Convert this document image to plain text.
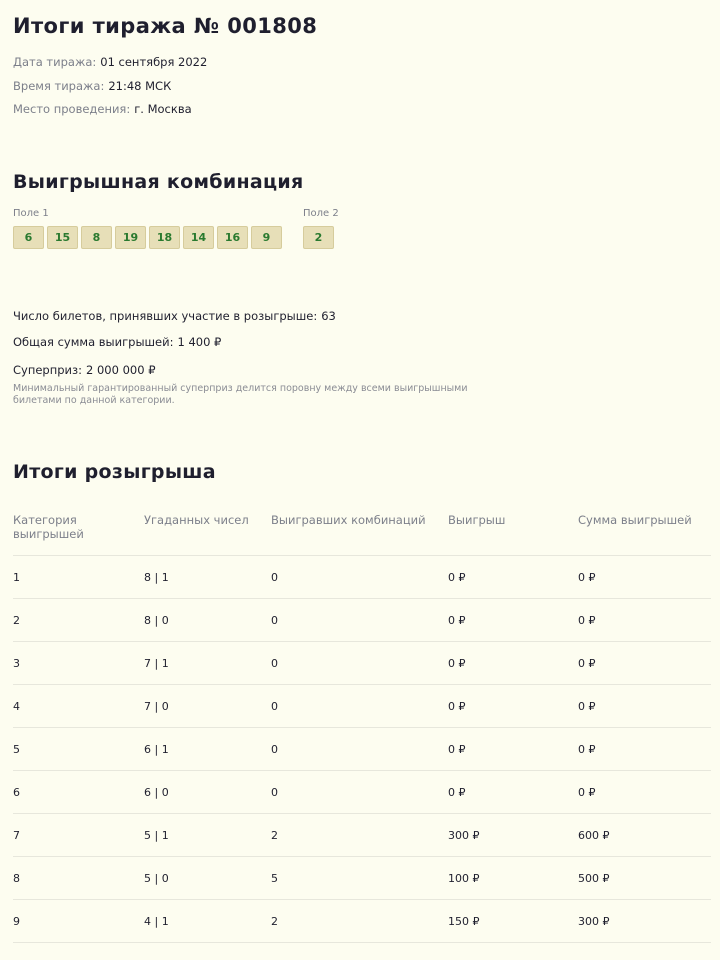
Итоги тиража № 001808
Дата тиража: 01 сентября 2022
Время тиража: 21:48 МСК
Место проведения: г. Москва
Выигрышная комбинация
Поле 1
6	15	8	19	18	14	16	9
Поле 2
2
Число билетов, принявших участие в розыгрыше: 63
Общая сумма выигрышей: 1 400 ₽
Суперприз: 2 000 000 ₽
Минимальный гарантированный суперприз делится поровну между всеми выигрышными билетами по данной категории.
Итоги розыгрыша
Категория выигрышей
Угаданных чисел	Выигравших комбинаций	Выигрыш	Сумма выигрышей
1	8 | 1	0	0 ₽	0 ₽
2	8 | 0	0	0 ₽	0 ₽
3	7 | 1	0	0 ₽	0 ₽
4	7 | 0	0	0 ₽	0 ₽
5	6 | 1	0	0 ₽	0 ₽
6	6 | 0	0	0 ₽	0 ₽
7	5 | 1	2	300 ₽	600 ₽
8	5 | 0	5	100 ₽	500 ₽
9	4 | 1	2	150 ₽	300 ₽
